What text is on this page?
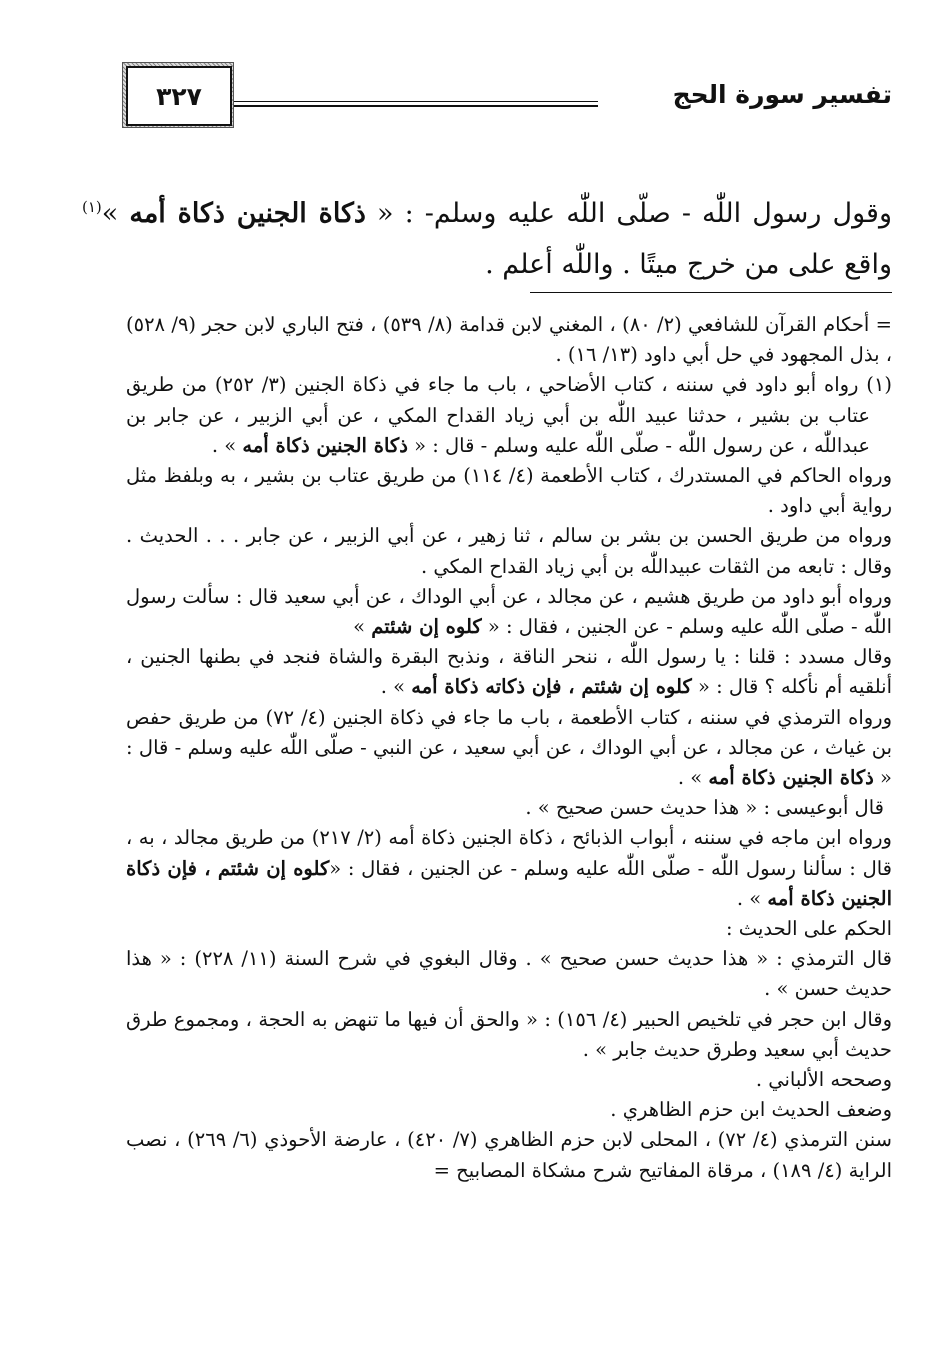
تفسير سورة الحج
٣٢٧

وقول رسول اللّٰه - صلّى اللّٰه عليه وسلم- : « ذكاة الجنين ذكاة أمه »$^{(١)}$ واقع على من خرج ميتًا . واللّٰه أعلم .

= أحكام القرآن للشافعي (٢/ ٨٠) ، المغني لابن قدامة (٨/ ٥٣٩) ، فتح الباري لابن حجر (٩/ ٥٢٨) ، بذل المجهود في حل أبي داود (١٣/ ١٦) .

(١) رواه أبو داود في سننه ، كتاب الأضاحي ، باب ما جاء في ذكاة الجنين (٣/ ٢٥٢) من طريق عتاب بن بشير ، حدثنا عبيد اللّٰه بن أبي زياد القداح المكي ، عن أبي الزبير ، عن جابر بن عبداللّٰه ، عن رسول اللّٰه - صلّى اللّٰه عليه وسلم - قال : « ذكاة الجنين ذكاة أمه » .

ورواه الحاكم في المستدرك ، كتاب الأطعمة (٤/ ١١٤) من طريق عتاب بن بشير ، به وبلفظ مثل رواية أبي داود .

ورواه من طريق الحسن بن بشر بن سالم ، ثنا زهير ، عن أبي الزبير ، عن جابر . . . الحديث . وقال : تابعه من الثقات عبيداللّٰه بن أبي زياد القداح المكي .

ورواه أبو داود من طريق هشيم ، عن مجالد ، عن أبي الوداك ، عن أبي سعيد قال : سألت رسول اللّٰه - صلّى اللّٰه عليه وسلم - عن الجنين ، فقال : « كلوه إن شئتم »

وقال مسدد : قلنا : يا رسول اللّٰه ، ننحر الناقة ، ونذبح البقرة والشاة فنجد في بطنها الجنين ، أنلقيه أم نأكله ؟ قال : « كلوه إن شئتم ، فإن ذكاته ذكاة أمه » .

ورواه الترمذي في سننه ، كتاب الأطعمة ، باب ما جاء في ذكاة الجنين (٤/ ٧٢) من طريق حفص بن غياث ، عن مجالد ، عن أبي الوداك ، عن أبي سعيد ، عن النبي - صلّى اللّٰه عليه وسلم - قال : « ذكاة الجنين ذكاة أمه » .

قال أبوعيسى : « هذا حديث حسن صحيح » .

ورواه ابن ماجه في سننه ، أبواب الذبائح ، ذكاة الجنين ذكاة أمه (٢/ ٢١٧) من طريق مجالد ، به ، قال : سألنا رسول اللّٰه - صلّى اللّٰه عليه وسلم - عن الجنين ، فقال : «كلوه إن شئتم ، فإن ذكاة الجنين ذكاة أمه » .

الحكم على الحديث :

قال الترمذي : « هذا حديث حسن صحيح » . وقال البغوي في شرح السنة (١١/ ٢٢٨) : « هذا حديث حسن » .

وقال ابن حجر في تلخيص الحبير (٤/ ١٥٦) : « والحق أن فيها ما تنهض به الحجة ، ومجموع طرق حديث أبي سعيد وطرق حديث جابر » .

وصححه الألباني .

وضعف الحديث ابن حزم الظاهري .

سنن الترمذي (٤/ ٧٢) ، المحلى لابن حزم الظاهري (٧/ ٤٢٠) ، عارضة الأحوذي (٦/ ٢٦٩) ، نصب الراية (٤/ ١٨٩) ، مرقاة المفاتيح شرح مشكاة المصابيح =
